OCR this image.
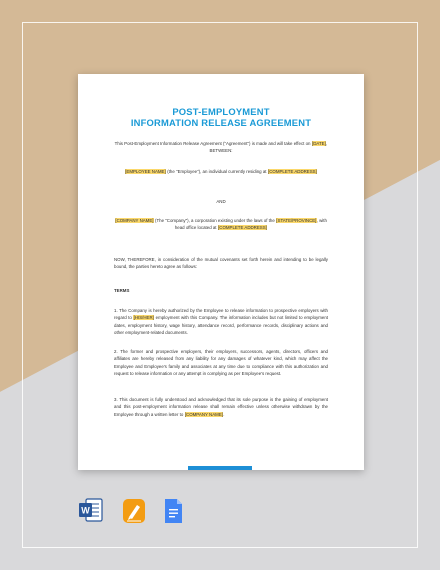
POST-EMPLOYMENT
INFORMATION RELEASE AGREEMENT

This Post-Employment Information Release Agreement ("Agreement") is made and will take effect on [DATE], BETWEEN:

[EMPLOYEE NAME] (the "Employee"), an individual currently residing at [COMPLETE ADDRESS]

AND

[COMPANY NAME] (The "Company"), a corporation existing under the laws of the [STATE/PROVINCE], with head office located at [COMPLETE ADDRESS]

NOW, THEREFORE, in consideration of the mutual covenants set forth herein and intending to be legally bound, the parties hereto agree as follows:

TERMS

1. The Company is hereby authorized by the Employee to release information to prospective employers with regard to [HIS/HER] employment with this Company. The information includes but not limited to employment dates, employment history, wage history, attendance record, performance records, disciplinary actions and other employment-related documents.

2. The former and prospective employers, their employers, successors, agents, directors, officers and affiliates are hereby released from any liability for any damages of whatever kind, which may affect the Employee and Employee's family and associates at any time due to compliance with this authorization and request to release information or any attempt in complying as per Employee's request.

3. This document is fully understood and acknowledged that its sole purpose is the gaining of employment and this post-employment information release shall remain effective unless otherwise withdrawn by the Employee through a written letter to [COMPANY NAME].

W
